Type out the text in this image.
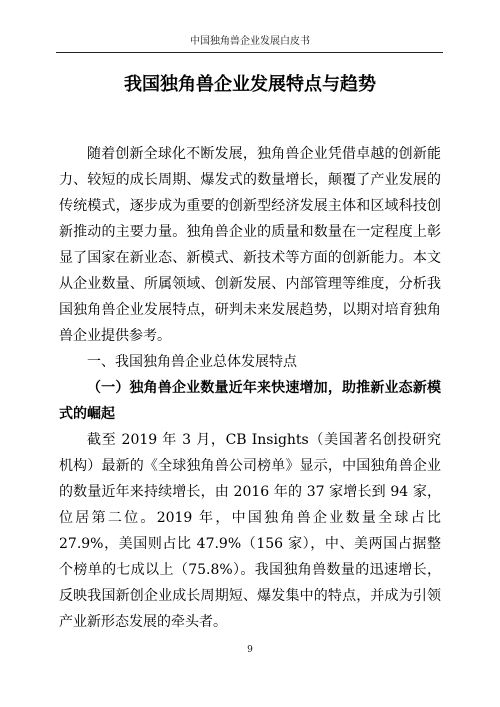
中国独角兽企业发展白皮书
我国独角兽企业发展特点与趋势

随着创新全球化不断发展，独角兽企业凭借卓越的创新能力、较短的成长周期、爆发式的数量增长，颠覆了产业发展的传统模式，逐步成为重要的创新型经济发展主体和区域科技创新推动的主要力量。独角兽企业的质量和数量在一定程度上彰显了国家在新业态、新模式、新技术等方面的创新能力。本文从企业数量、所属领域、创新发展、内部管理等维度，分析我国独角兽企业发展特点，研判未来发展趋势，以期对培育独角兽企业提供参考。

一、我国独角兽企业总体发展特点

（一）独角兽企业数量近年来快速增加，助推新业态新模式的崛起

截至 2019 年 3 月，CB Insights（美国著名创投研究机构）最新的《全球独角兽公司榜单》显示，中国独角兽企业的数量近年来持续增长，由 2016 年的 37 家增长到 94 家，位居第二位。2019 年，中国独角兽企业数量全球占比 27.9%，美国则占比 47.9%（156 家），中、美两国占据整个榜单的七成以上（75.8%）。我国独角兽数量的迅速增长，反映我国新创企业成长周期短、爆发集中的特点，并成为引领产业新形态发展的牵头者。

9
